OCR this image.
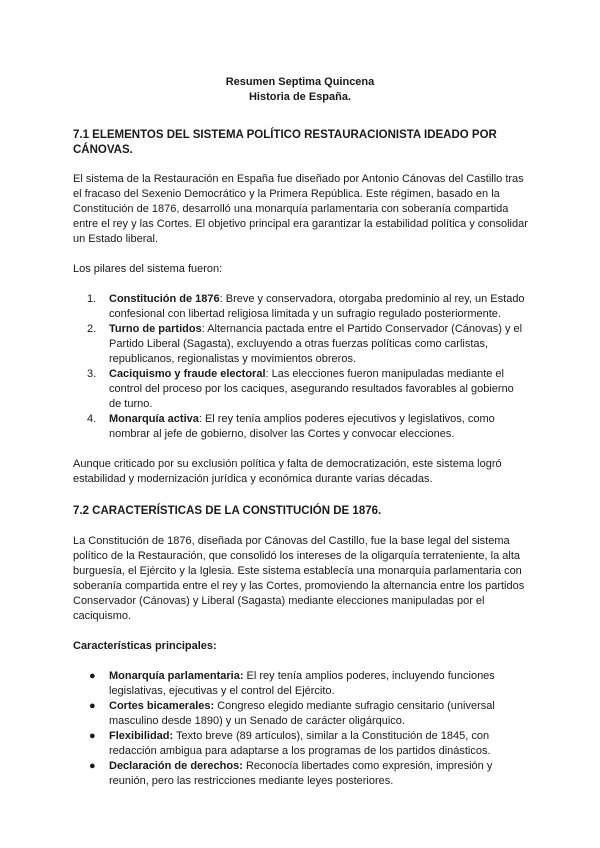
Resumen Septima Quincena
Historia de España.
7.1 ELEMENTOS DEL SISTEMA POLÍTICO RESTAURACIONISTA IDEADO POR CÁNOVAS.

El sistema de la Restauración en España fue diseñado por Antonio Cánovas del Castillo tras el fracaso del Sexenio Democrático y la Primera República. Este régimen, basado en la Constitución de 1876, desarrolló una monarquía parlamentaria con soberanía compartida entre el rey y las Cortes. El objetivo principal era garantizar la estabilidad política y consolidar un Estado liberal.

Los pilares del sistema fueron:

1. Constitución de 1876: Breve y conservadora, otorgaba predominio al rey, un Estado confesional con libertad religiosa limitada y un sufragio regulado posteriormente.
2. Turno de partidos: Alternancia pactada entre el Partido Conservador (Cánovas) y el Partido Liberal (Sagasta), excluyendo a otras fuerzas políticas como carlistas, republicanos, regionalistas y movimientos obreros.
3. Caciquismo y fraude electoral: Las elecciones fueron manipuladas mediante el control del proceso por los caciques, asegurando resultados favorables al gobierno de turno.
4. Monarquía activa: El rey tenía amplios poderes ejecutivos y legislativos, como nombrar al jefe de gobierno, disolver las Cortes y convocar elecciones.

Aunque criticado por su exclusión política y falta de democratización, este sistema logró estabilidad y modernización jurídica y económica durante varias décadas.

7.2 CARACTERÍSTICAS DE LA CONSTITUCIÓN DE 1876.

La Constitución de 1876, diseñada por Cánovas del Castillo, fue la base legal del sistema político de la Restauración, que consolidó los intereses de la oligarquía terrateniente, la alta burguesía, el Ejército y la Iglesia. Este sistema establecía una monarquía parlamentaria con soberanía compartida entre el rey y las Cortes, promoviendo la alternancia entre los partidos Conservador (Cánovas) y Liberal (Sagasta) mediante elecciones manipuladas por el caciquismo.

Características principales:

● Monarquía parlamentaria: El rey tenía amplios poderes, incluyendo funciones legislativas, ejecutivas y el control del Ejército.
● Cortes bicamerales: Congreso elegido mediante sufragio censitario (universal masculino desde 1890) y un Senado de carácter oligárquico.
● Flexibilidad: Texto breve (89 artículos), similar a la Constitución de 1845, con redacción ambigua para adaptarse a los programas de los partidos dinásticos.
● Declaración de derechos: Reconocía libertades como expresión, impresión y reunión, pero las restricciones mediante leyes posteriores.
